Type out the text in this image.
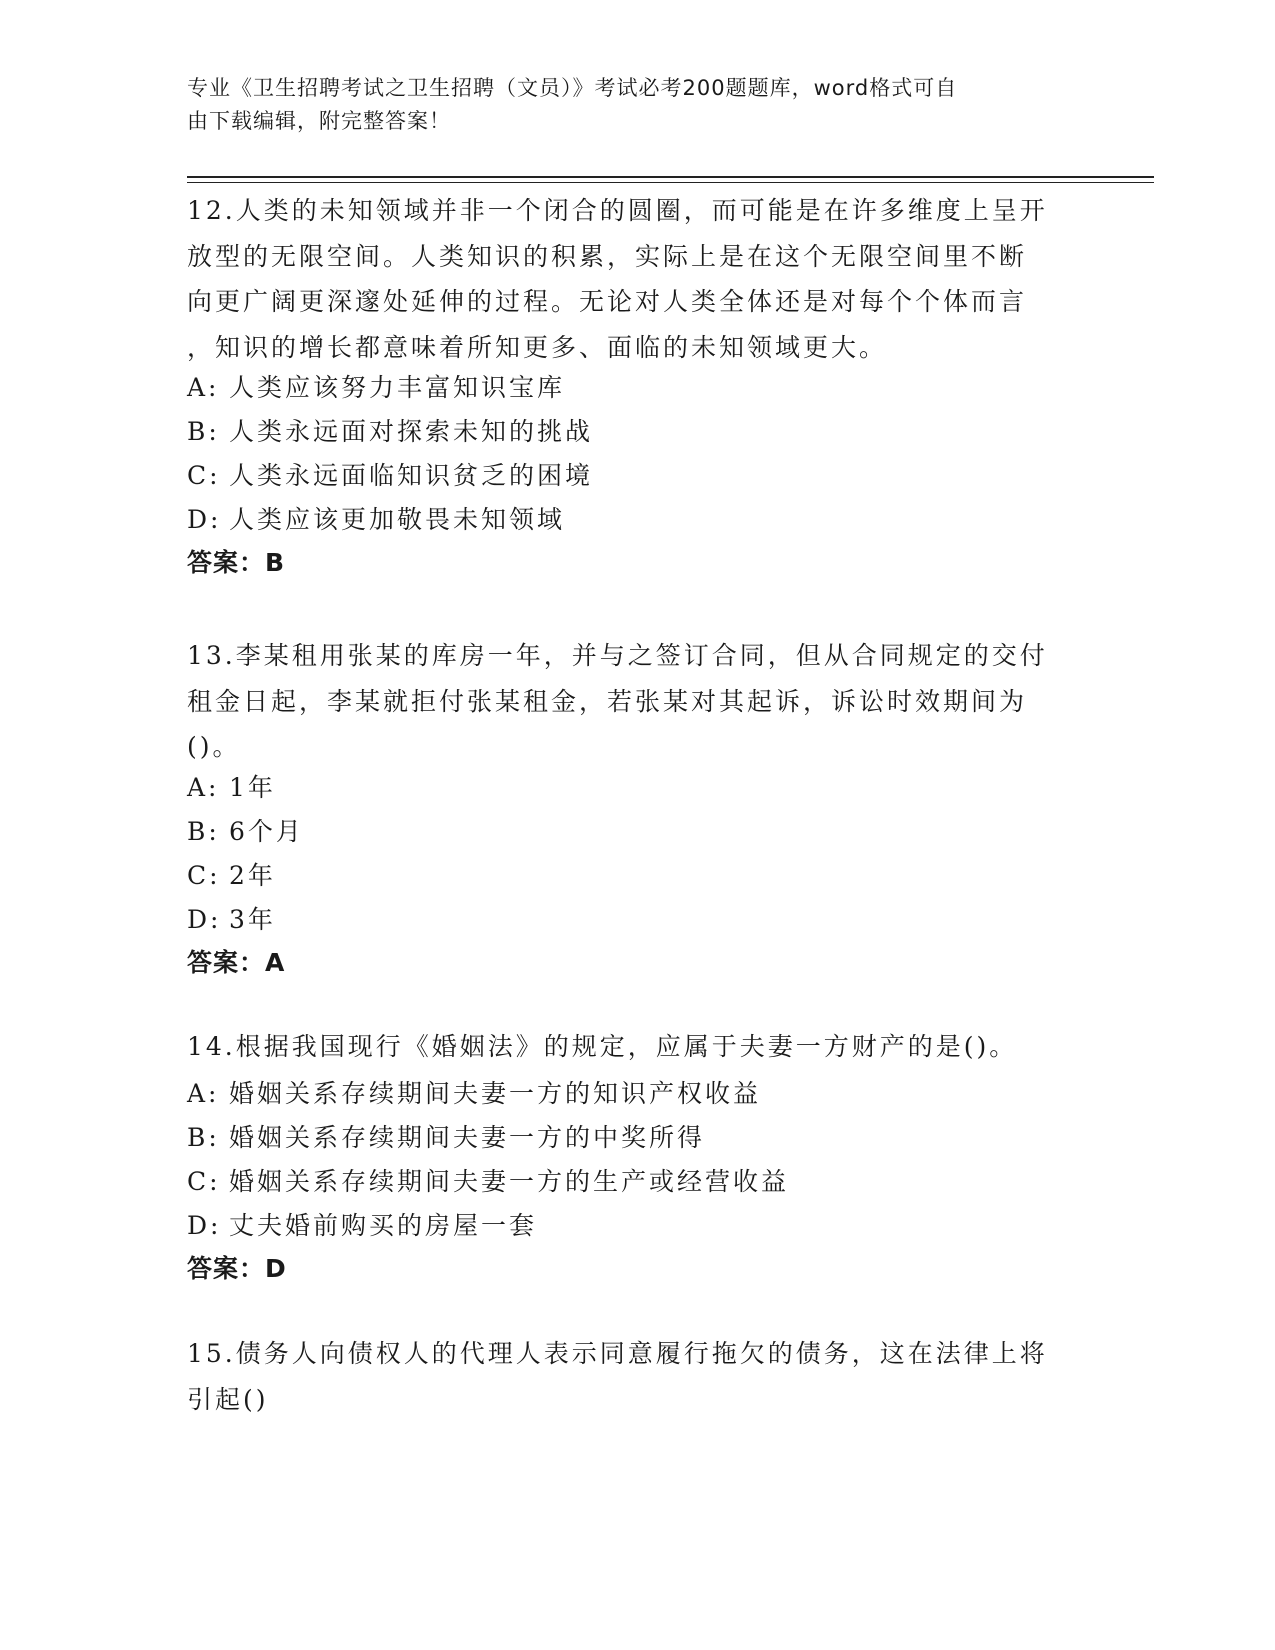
专业《卫生招聘考试之卫生招聘（文员）》考试必考200题题库，word格式可自
由下载编辑，附完整答案！
12.人类的未知领域并非一个闭合的圆圈，而可能是在许多维度上呈开
放型的无限空间。人类知识的积累，实际上是在这个无限空间里不断
向更广阔更深邃处延伸的过程。无论对人类全体还是对每个个体而言
，知识的增长都意味着所知更多、面临的未知领域更大。
A: 人类应该努力丰富知识宝库
B: 人类永远面对探索未知的挑战
C: 人类永远面临知识贫乏的困境
D: 人类应该更加敬畏未知领域
答案：B
13.李某租用张某的库房一年，并与之签订合同，但从合同规定的交付
租金日起，李某就拒付张某租金，若张某对其起诉，诉讼时效期间为
()。
A: 1年
B: 6个月
C: 2年
D: 3年
答案：A
14.根据我国现行《婚姻法》的规定，应属于夫妻一方财产的是()。
A: 婚姻关系存续期间夫妻一方的知识产权收益
B: 婚姻关系存续期间夫妻一方的中奖所得
C: 婚姻关系存续期间夫妻一方的生产或经营收益
D: 丈夫婚前购买的房屋一套
答案：D
15.债务人向债权人的代理人表示同意履行拖欠的债务，这在法律上将
引起()
